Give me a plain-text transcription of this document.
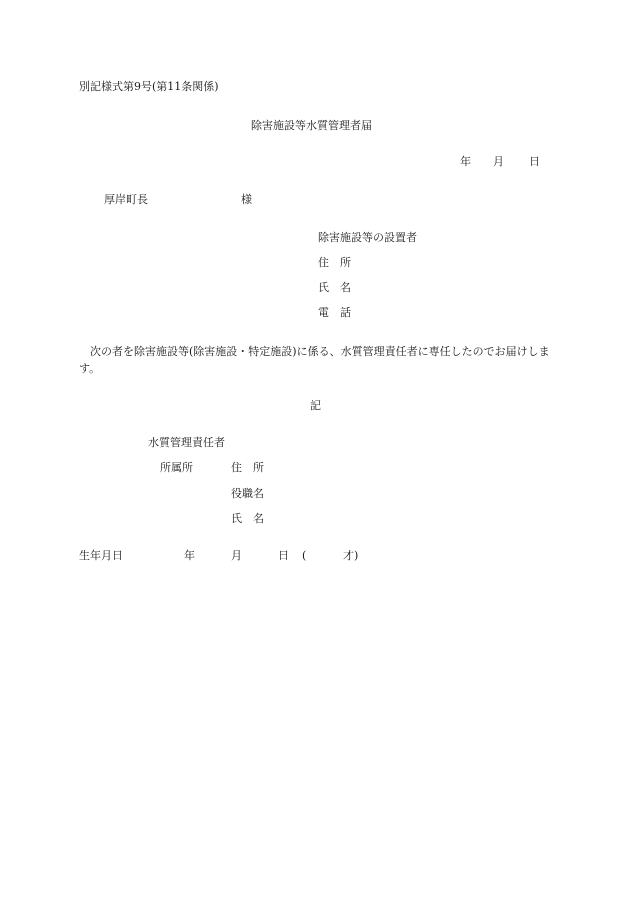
別記様式第9号(第11条関係)
除害施設等水質管理者届
年 月 日
厚岸町長	様
除害施設等の設置者
住　所
氏　名
電　話

次の者を除害施設等(除害施設・特定施設)に係る、水質管理責任者に専任したのでお届けします。

記
水質管理責任者
所属所	住　所
役職名
氏　名
生年月日	年	月	日 (	才)
